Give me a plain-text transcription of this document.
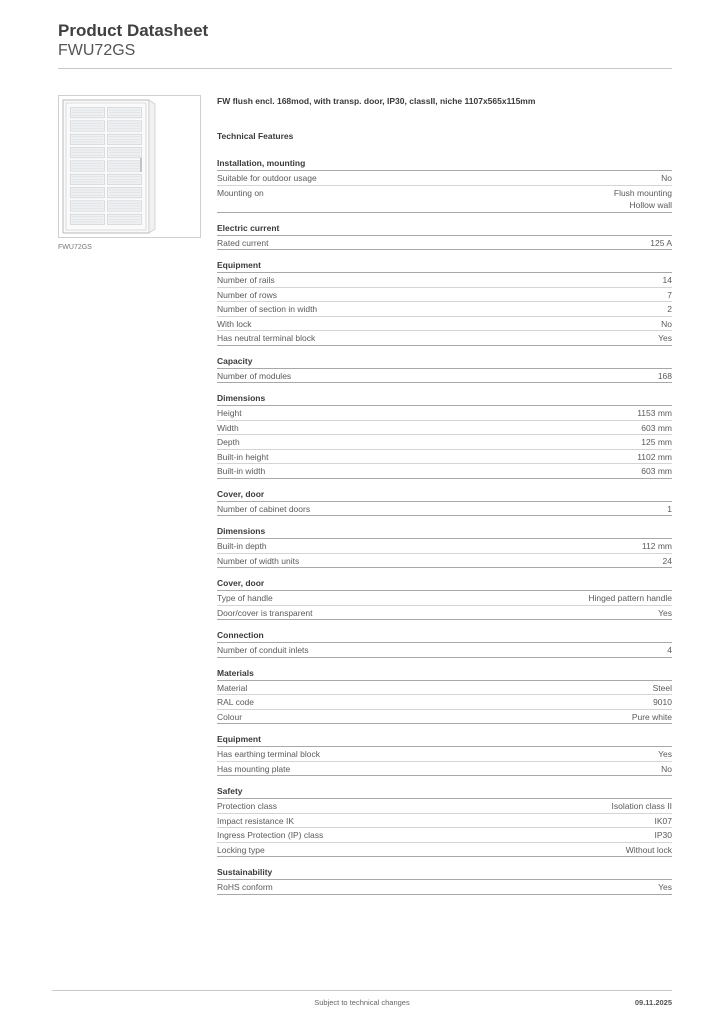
Product Datasheet
FWU72GS
FWU72GS
FW flush encl. 168mod, with transp. door, IP30, classII, niche 1107x565x115mm
Technical Features
Installation, mounting
Suitable for outdoor usage	No
Mounting on	Flush mounting
Hollow wall
Electric current
Rated current	125 A
Equipment
Number of rails	14
Number of rows	7
Number of section in width	2
With lock	No
Has neutral terminal block	Yes
Capacity
Number of modules	168
Dimensions
Height	1153 mm
Width	603 mm
Depth	125 mm
Built-in height	1102 mm
Built-in width	603 mm
Cover, door
Number of cabinet doors	1
Dimensions
Built-in depth	112 mm
Number of width units	24
Cover, door
Type of handle	Hinged pattern handle
Door/cover is transparent	Yes
Connection
Number of conduit inlets	4
Materials
Material	Steel
RAL code	9010
Colour	Pure white
Equipment
Has earthing terminal block	Yes
Has mounting plate	No
Safety
Protection class	Isolation class II
Impact resistance IK	IK07
Ingress Protection (IP) class	IP30
Locking type	Without lock
Sustainability
RoHS conform	Yes
Subject to technical changes	09.11.2025
